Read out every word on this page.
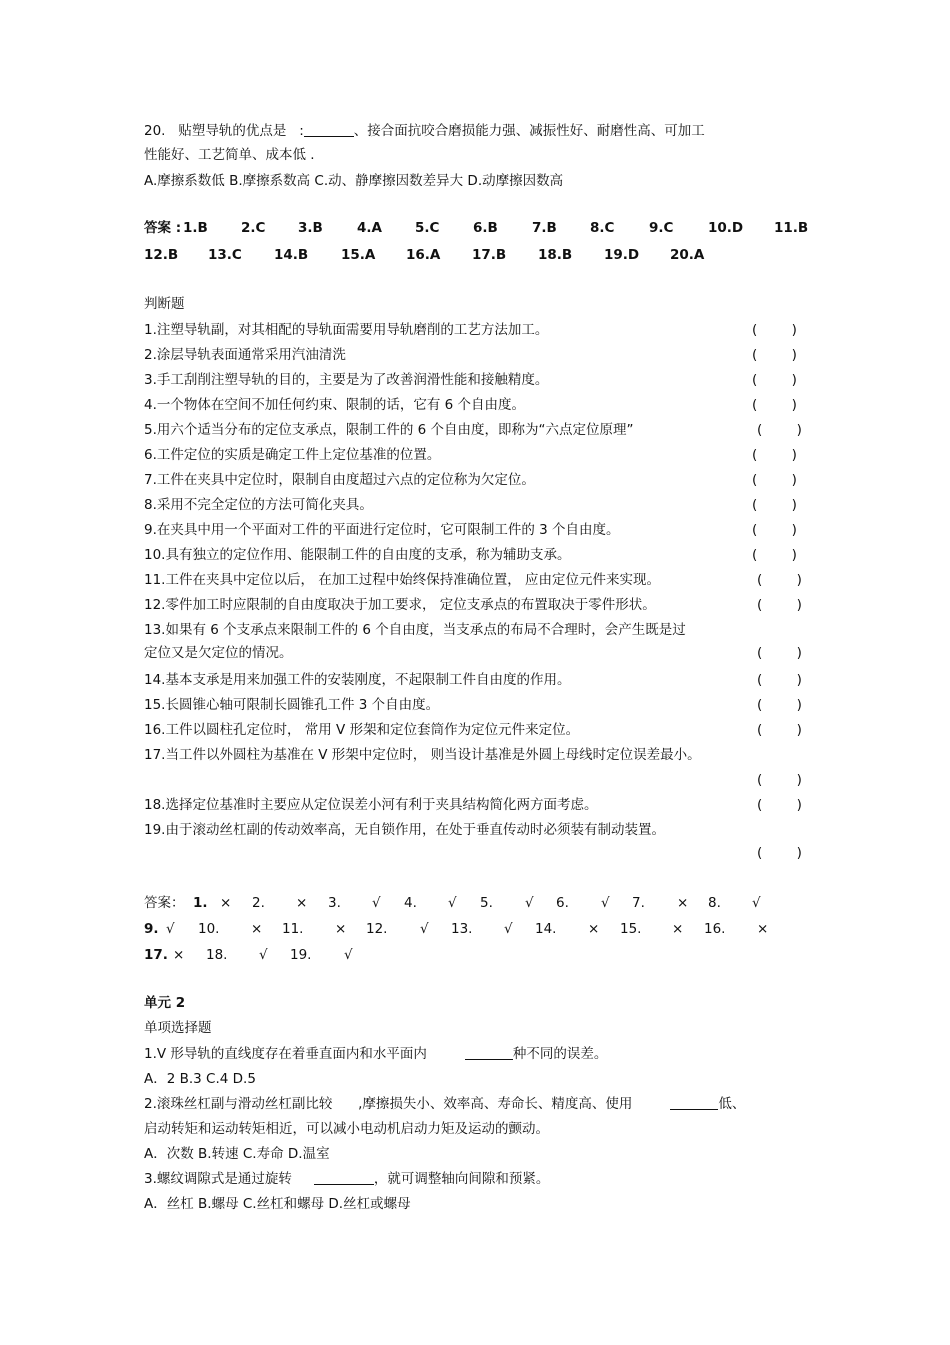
20.   贴塑导轨的优点是   :	、接合面抗咬合磨损能力强、减振性好、耐磨性高、可加工
性能好、工艺简单、成本低 .
A.摩擦系数低 B.摩擦系数高 C.动、静摩擦因数差异大 D.动摩擦因数高
答案 : 1.B 2.C 3.B	4.A 5.C 6.B	7.B 8.C	9.C	10.D 11.B
12.B 13.C 14.B 15.A 16.A 17.B 18.B 19.D 20.A
判断题
1.注塑导轨副，对其相配的导轨面需要用导轨磨削的工艺方法加工。	(        )
2.涂层导轨表面通常采用汽油清洗	(        )
3.手工刮削注塑导轨的目的，主要是为了改善润滑性能和接触精度。	(        )
4.一个物体在空间不加任何约束、限制的话，它有 6 个自由度。	(        )
5.用六个适当分布的定位支承点，限制工件的 6 个自由度，即称为“六点定位原理”	(        )
6.工件定位的实质是确定工件上定位基准的位置。	(        )
7.工件在夹具中定位时，限制自由度超过六点的定位称为欠定位。	(        )
8.采用不完全定位的方法可简化夹具。	(        )
9.在夹具中用一个平面对工件的平面进行定位时，它可限制工件的 3 个自由度。	(        )
10.具有独立的定位作用、能限制工件的自由度的支承，称为辅助支承。	(        )
11.工件在夹具中定位以后， 在加工过程中始终保持准确位置， 应由定位元件来实现。	(        )
12.零件加工时应限制的自由度取决于加工要求， 定位支承点的布置取决于零件形状。	(        )
13.如果有 6 个支承点来限制工件的 6 个自由度，当支承点的布局不合理时，会产生既是过
定位又是欠定位的情况。	(        )
14.基本支承是用来加强工件的安装刚度，不起限制工件自由度的作用。	(        )
15.长圆锥心轴可限制长圆锥孔工件 3 个自由度。	(        )
16.工件以圆柱孔定位时， 常用 V 形架和定位套筒作为定位元件来定位。	(        )
17.当工件以外圆柱为基准在 V 形架中定位时， 则当设计基准是外圆上母线时定位误差最小。
(        )
18.选择定位基准时主要应从定位误差小河有利于夹具结构简化两方面考虑。	(        )
19.由于滚动丝杠副的传动效率高，无自锁作用，在处于垂直传动时必须装有制动装置。
(        )
答案： 1. × 2. × 3. √ 4. √ 5. √ 6. √ 7. × 8. √
9. √ 10. × 11. × 12. √ 13. √ 14. × 15. × 16. ×
17. × 18. √ 19. √
单元 2
单项选择题
1.V 形导轨的直线度存在着垂直面内和水平面内	种不同的误差。
A．2 B.3 C.4 D.5
2.滚珠丝杠副与滑动丝杠副比较      ,摩擦损失小、效率高、寿命长、精度高、使用	低、
启动转矩和运动转矩相近，可以减小电动机启动力矩及运动的颤动。
A．次数 B.转速 C.寿命 D.温室
3.螺纹调隙式是通过旋转	，就可调整轴向间隙和预紧。
A．丝杠 B.螺母 C.丝杠和螺母 D.丝杠或螺母
